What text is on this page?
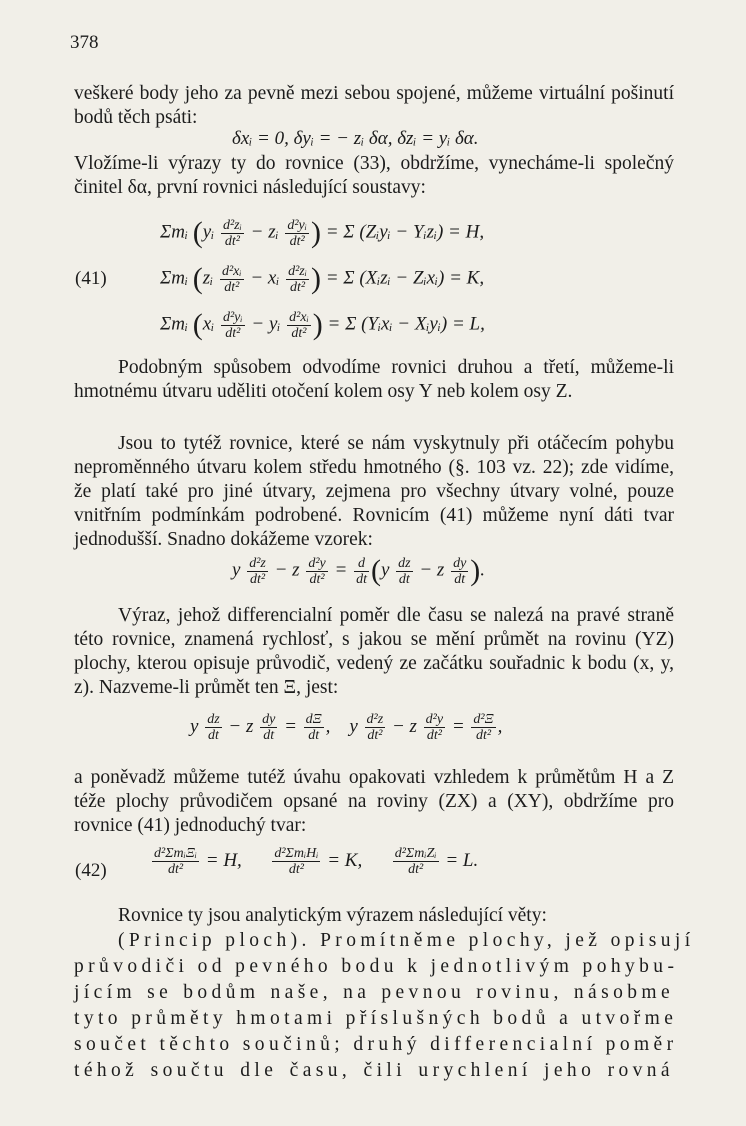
378
veškeré body jeho za pevně mezi sebou spojené, můžeme virtuální pošinutí bodů těch psáti:
δxᵢ = 0, δyᵢ = − zᵢ δα, δzᵢ = yᵢ δα.
Vložíme-li výrazy ty do rovnice (33), obdržíme, vynecháme-li společný činitel δα, první rovnici následující soustavy:
(41)
Σmᵢ (yᵢ $\frac{\text{d²zᵢ}}{\text{dt²}}$ − zᵢ $\frac{\text{d²yᵢ}}{\text{dt²}}$ ) = Σ (Zᵢyᵢ − Yᵢzᵢ) = H,
Σmᵢ (zᵢ $\frac{\text{d²xᵢ}}{\text{dt²}}$ − xᵢ $\frac{\text{d²zᵢ}}{\text{dt²}}$ ) = Σ (Xᵢzᵢ − Zᵢxᵢ) = K,
Σmᵢ (xᵢ $\frac{\text{d²yᵢ}}{\text{dt²}}$ − yᵢ $\frac{\text{d²xᵢ}}{\text{dt²}}$ ) = Σ (Yᵢxᵢ − Xᵢyᵢ) = L,
Podobným spůsobem odvodíme rovnici druhou a třetí, můžeme-li hmotnému útvaru uděliti otočení kolem osy Y neb kolem osy Z.
Jsou to tytéž rovnice, které se nám vyskytnuly při otáčecím pohybu neproměnného útvaru kolem středu hmotného (§. 103 vz. 22); zde vidíme, že platí také pro jiné útvary, zejmena pro všechny útvary volné, pouze vnitřním podmínkám podrobené. Rovnicím (41) můžeme nyní dáti tvar jednodušší. Snadno dokážeme vzorek:
y $\frac{\text{d²z}}{\text{dt²}} - z \frac{\text{d²y}}{\text{dt²}} = \frac{d}{dt} (y \frac{dz}{dt} - z \frac{dy}{dt}$ ).
Výraz, jehož differencialní poměr dle času se nalezá na pravé straně této rovnice, znamená rychlosť, s jakou se mění průmět na rovinu (YZ) plochy, kterou opisuje průvodič, vedený ze začátku souřadnic k bodu (x, y, z). Nazveme-li průmět ten Ξ, jest:
y $\frac{dz}{dt} - z \frac{dy}{dt} = \frac{d\Xi}{dt}$ , y $\frac{\text{d²z}}{\text{dt²}} - z \frac{\text{d²y}}{\text{dt²}} = \frac{\text{d²Ξ}}{\text{dt²}}$ ,
a poněvadž můžeme tutéž úvahu opakovati vzhledem k průmětům H a Z téže plochy průvodičem opsané na roviny (ZX) a (XY), obdržíme pro rovnice (41) jednoduchý tvar:
(42)	$\frac{\text{d²ΣmᵢΞᵢ}}{\text{dt²}} = H$, $\frac{\text{d²ΣmᵢHᵢ}}{\text{dt²}} = K$, $\frac{\text{d²ΣmᵢZᵢ}}{\text{dt²}} = L$.
Rovnice ty jsou analytickým výrazem následující věty:
(Princip ploch). Promítněme plochy, jež opisují
průvodiči od pevného bodu k jednotlivým pohybu-
jícím se bodům naše, na pevnou rovinu, násobme
tyto průměty hmotami příslušných bodů a utvořme
součet těchto součinů; druhý differencialní poměr
téhož součtu dle času, čili urychlení jeho rovná
